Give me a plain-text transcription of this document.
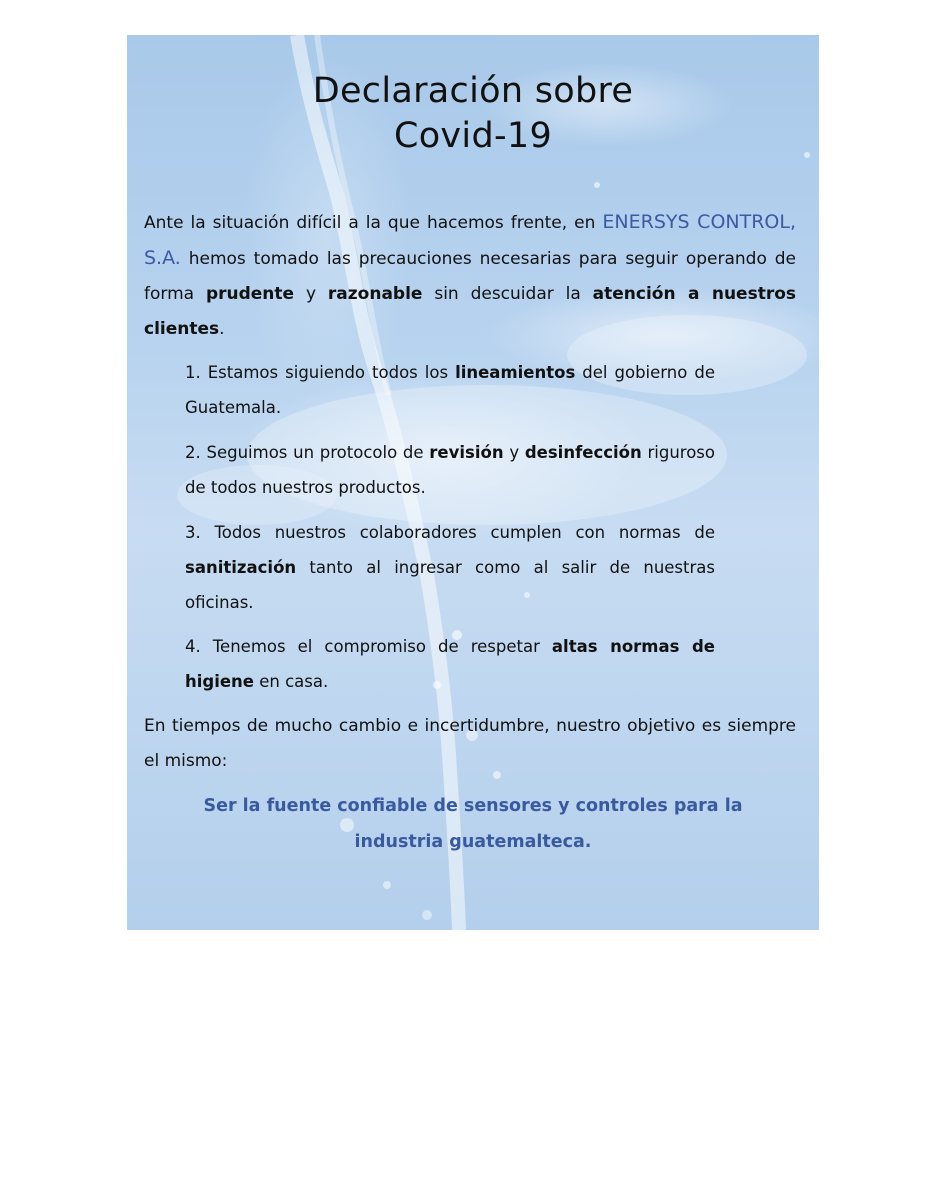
Declaración sobre
Covid-19
Ante la situación difícil a la que hacemos frente, en ENERSYS CONTROL, S.A. hemos tomado las precauciones necesarias para seguir operando de forma prudente y razonable sin descuidar la atención a nuestros clientes.
1. Estamos siguiendo todos los lineamientos del gobierno de Guatemala.
2. Seguimos un protocolo de revisión y desinfección riguroso de todos nuestros productos.
3. Todos nuestros colaboradores cumplen con normas de sanitización tanto al ingresar como al salir de nuestras oficinas.
4. Tenemos el compromiso de respetar altas normas de higiene en casa.
En tiempos de mucho cambio e incertidumbre, nuestro objetivo es siempre el mismo:
Ser la fuente confiable de sensores y controles para la industria guatemalteca.
